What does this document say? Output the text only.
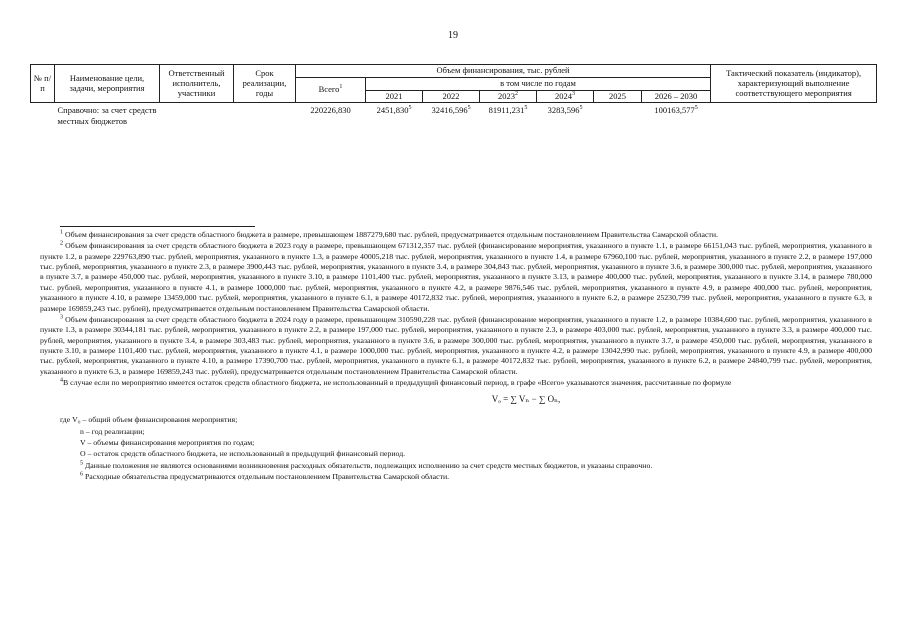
19
№ п/п	Наименование цели, задачи, мероприятия	Ответственный исполнитель, участники	Срок реализации, годы	Объем финансирования, тыс. рублей							Тактический показатель (индикатор), характеризующий выполнение соответствующего мероприятия
				Всего$^1$	в том числе по годам						
					2021	2022	2023$^2$	2024$^3$	2025	2026 – 2030	
	Справочно: за счет средств местных бюджетов			220226,830	2451,830$^5$	32416,596$^5$	81911,231$^5$	3283,596$^5$		100163,577$^5$	

$^1$ Объем финансирования за счет средств областного бюджета в размере, превышающем 1887279,680 тыс. рублей, предусматривается отдельным постановлением Правительства Самарской области.

$^2$ Объем финансирования за счет средств областного бюджета в 2023 году в размере, превышающем 671312,357 тыс. рублей (финансирование мероприятия, указанного в пункте 1.1, в размере 66151,043 тыс. рублей, мероприятия, указанного в пункте 1.2, в размере 229763,890 тыс. рублей, мероприятия, указанного в пункте 1.3, в размере 40005,218 тыс. рублей, мероприятия, указанного в пункте 1.4, в размере 67960,100 тыс. рублей, мероприятия, указанного в пункте 2.2, в размере 197,000 тыс. рублей, мероприятия, указанного в пункте 2.3, в размере 3900,443 тыс. рублей, мероприятия, указанного в пункте 3.4, в размере 304,843 тыс. рублей, мероприятия, указанного в пункте 3.6, в размере 300,000 тыс. рублей, мероприятия, указанного в пункте 3.7, в размере 450,000 тыс. рублей, мероприятия, указанного в пункте 3.10, в размере 1101,400 тыс. рублей, мероприятия, указанного в пункте 3.13, в размере 400,000 тыс. рублей, мероприятия, указанного в пункте 3.14, в размере 780,000 тыс. рублей, мероприятия, указанного в пункте 4.1, в размере 1000,000 тыс. рублей, мероприятия, указанного в пункте 4.2, в размере 9876,546 тыс. рублей, мероприятия, указанного в пункте 4.9, в размере 400,000 тыс. рублей, мероприятия, указанного в пункте 4.10, в размере 13459,000 тыс. рублей, мероприятия, указанного в пункте 6.1, в размере 40172,832 тыс. рублей, мероприятия, указанного в пункте 6.2, в размере 25230,799 тыс. рублей, мероприятия, указанного в пункте 6.3, в размере 169859,243 тыс. рублей), предусматривается отдельным постановлением Правительства Самарской области.

$^3$ Объем финансирования за счет средств областного бюджета в 2024 году в размере, превышающем 310590,228 тыс. рублей (финансирование мероприятия, указанного в пункте 1.2, в размере 10384,600 тыс. рублей, мероприятия, указанного в пункте 1.3, в размере 30344,181 тыс. рублей, мероприятия, указанного в пункте 2.2, в размере 197,000 тыс. рублей, мероприятия, указанного в пункте 2.3, в размере 403,000 тыс. рублей, мероприятия, указанного в пункте 3.3, в размере 400,000 тыс. рублей, мероприятия, указанного в пункте 3.4, в размере 303,483 тыс. рублей, мероприятия, указанного в пункте 3.6, в размере 300,000 тыс. рублей, мероприятия, указанного в пункте 3.7, в размере 450,000 тыс. рублей, мероприятия, указанного в пункте 3.10, в размере 1101,400 тыс. рублей, мероприятия, указанного в пункте 4.1, в размере 1000,000 тыс. рублей, мероприятия, указанного в пункте 4.2, в размере 13042,990 тыс. рублей, мероприятия, указанного в пункте 4.9, в размере 400,000 тыс. рублей, мероприятия, указанного в пункте 4.10, в размере 17390,700 тыс. рублей, мероприятия, указанного в пункте 6.1, в размере 40172,832 тыс. рублей, мероприятия, указанного в пункте 6.2, в размере 24840,799 тыс. рублей, мероприятия, указанного в пункте 6.3, в размере 169859,243 тыс. рублей), предусматривается отдельным постановлением Правительства Самарской области.

$^4$В случае если по мероприятию имеется остаток средств областного бюджета, не использованный в предыдущий финансовый период, в графе «Всего» указываются значения, рассчитанные по формуле

Vₒ = ∑ Vₙ − ∑ Oₙ,

где V₀ – общий объем финансирования мероприятия;

n – год реализации;

V – объемы финансирования мероприятия по годам;

O – остаток средств областного бюджета, не использованный в предыдущий финансовый период.

$^5$ Данные положения не являются основаниями возникновения расходных обязательств, подлежащих исполнению за счет средств местных бюджетов, и указаны справочно.

$^6$ Расходные обязательства предусматриваются отдельным постановлением Правительства Самарской области.
